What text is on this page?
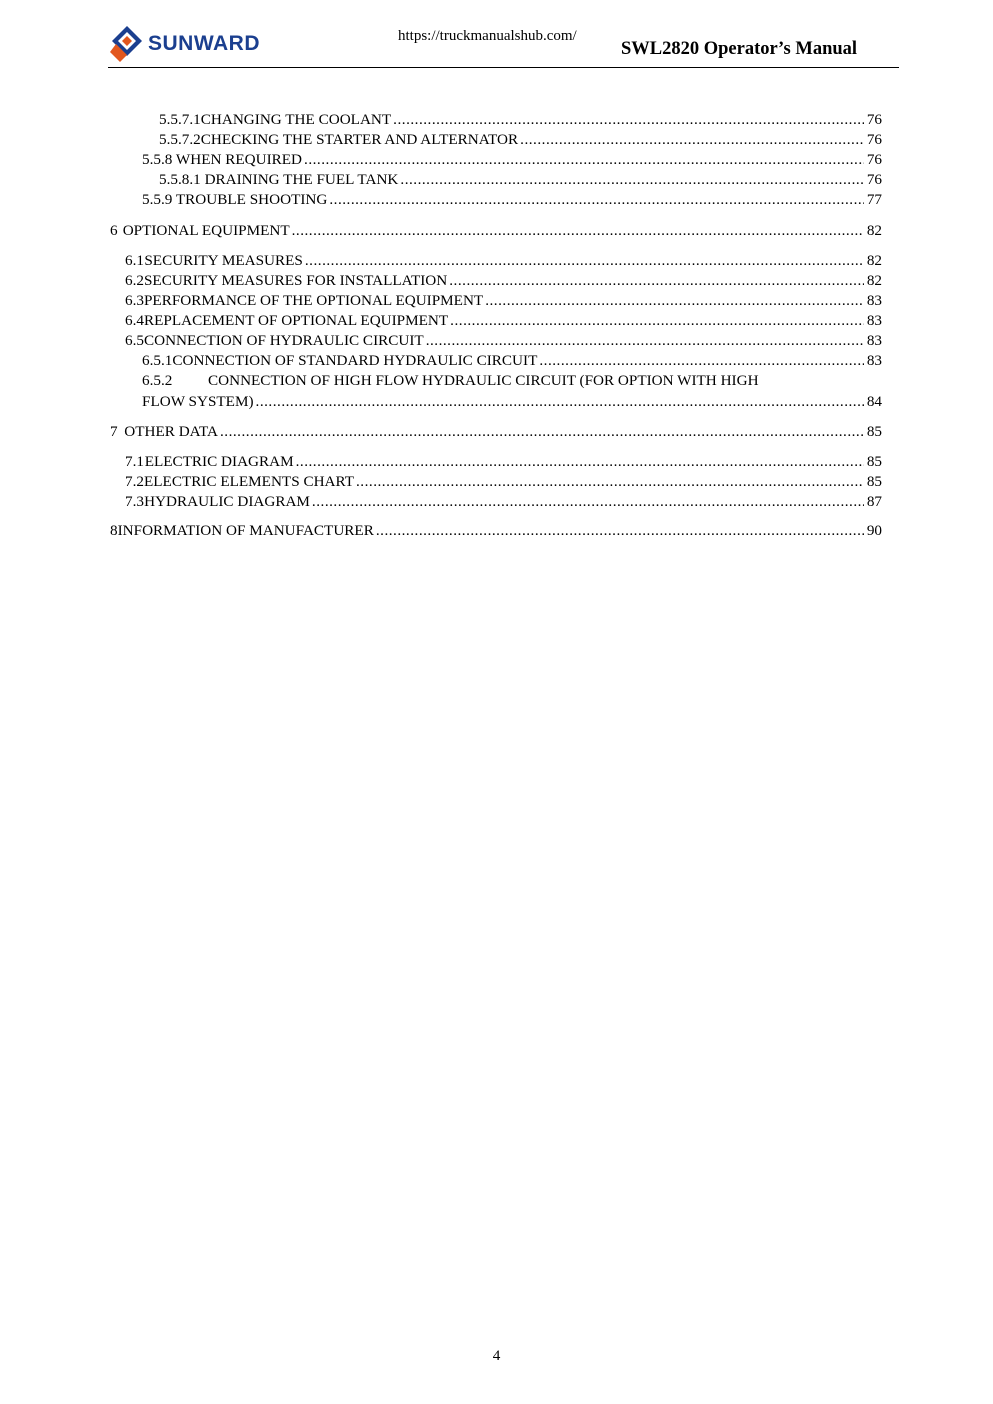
SUNWARD	https://truckmanualshub.com/
SWL2820 Operator’s Manual
5.5.7.1 CHANGING THE COOLANT .....	76
5.5.7.2 CHECKING THE STARTER AND ALTERNATOR .....	76
5.5.8 WHEN REQUIRED .....	76
5.5.8.1 DRAINING THE FUEL TANK .....	76
5.5.9 TROUBLE SHOOTING .....	77
6 OPTIONAL EQUIPMENT .....	82
6.1 SECURITY MEASURES .....	82
6.2 SECURITY MEASURES FOR INSTALLATION .....	82
6.3 PERFORMANCE OF THE OPTIONAL EQUIPMENT .....	83
6.4 REPLACEMENT OF OPTIONAL EQUIPMENT .....	83
6.5 CONNECTION OF HYDRAULIC CIRCUIT .....	83
6.5.1 CONNECTION OF STANDARD HYDRAULIC CIRCUIT .....	83
6.5.2 CONNECTION OF HIGH FLOW HYDRAULIC CIRCUIT (FOR OPTION WITH HIGH
FLOW SYSTEM) .....	84
7 OTHER DATA .....	85
7.1 ELECTRIC DIAGRAM .....	85
7.2 ELECTRIC ELEMENTS CHART .....	85
7.3 HYDRAULIC DIAGRAM .....	87
8 INFORMATION OF MANUFACTURER .....	90
4
